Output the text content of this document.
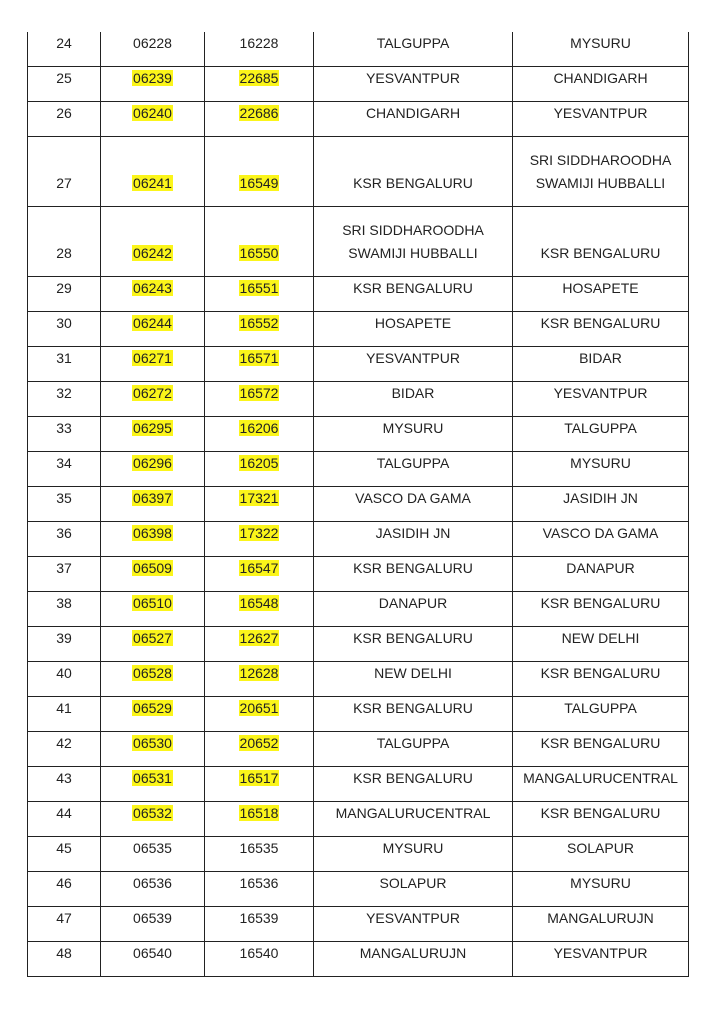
24	06228	16228	TALGUPPA	MYSURU
25	06239	22685	YESVANTPUR	CHANDIGARH
26	06240	22686	CHANDIGARH	YESVANTPUR
27	06241	16549	KSR BENGALURU	SRI SIDDHAROODHA SWAMIJI HUBBALLI
28	06242	16550	SRI SIDDHAROODHA SWAMIJI HUBBALLI	KSR BENGALURU
29	06243	16551	KSR BENGALURU	HOSAPETE
30	06244	16552	HOSAPETE	KSR BENGALURU
31	06271	16571	YESVANTPUR	BIDAR
32	06272	16572	BIDAR	YESVANTPUR
33	06295	16206	MYSURU	TALGUPPA
34	06296	16205	TALGUPPA	MYSURU
35	06397	17321	VASCO DA GAMA	JASIDIH JN
36	06398	17322	JASIDIH JN	VASCO DA GAMA
37	06509	16547	KSR BENGALURU	DANAPUR
38	06510	16548	DANAPUR	KSR BENGALURU
39	06527	12627	KSR BENGALURU	NEW DELHI
40	06528	12628	NEW DELHI	KSR BENGALURU
41	06529	20651	KSR BENGALURU	TALGUPPA
42	06530	20652	TALGUPPA	KSR BENGALURU
43	06531	16517	KSR BENGALURU	MANGALURUCENTRAL
44	06532	16518	MANGALURUCENTRAL	KSR BENGALURU
45	06535	16535	MYSURU	SOLAPUR
46	06536	16536	SOLAPUR	MYSURU
47	06539	16539	YESVANTPUR	MANGALURUJN
48	06540	16540	MANGALURUJN	YESVANTPUR
